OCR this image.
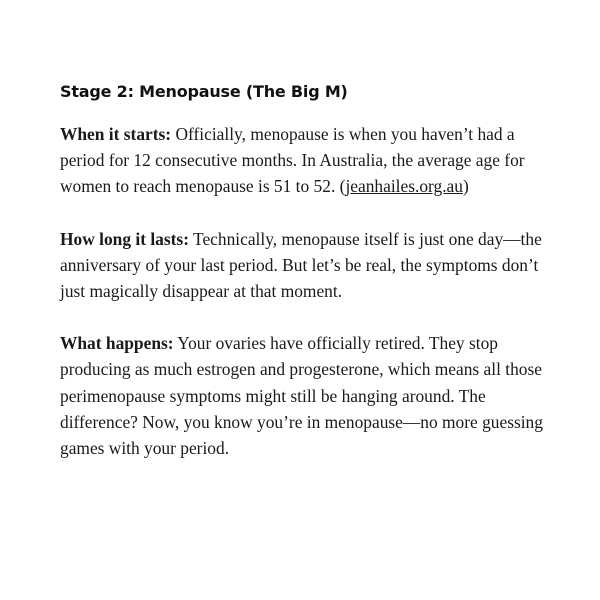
Stage 2: Menopause (The Big M)

When it starts: Officially, menopause is when you haven’t had a period for 12 consecutive months. In Australia, the average age for women to reach menopause is 51 to 52. (jeanhailes.org.au)

How long it lasts: Technically, menopause itself is just one day—the anniversary of your last period. But let’s be real, the symptoms don’t just magically disappear at that moment.

What happens: Your ovaries have officially retired. They stop producing as much estrogen and progesterone, which means all those perimenopause symptoms might still be hanging around. The difference? Now, you know you’re in menopause—no more guessing games with your period.
